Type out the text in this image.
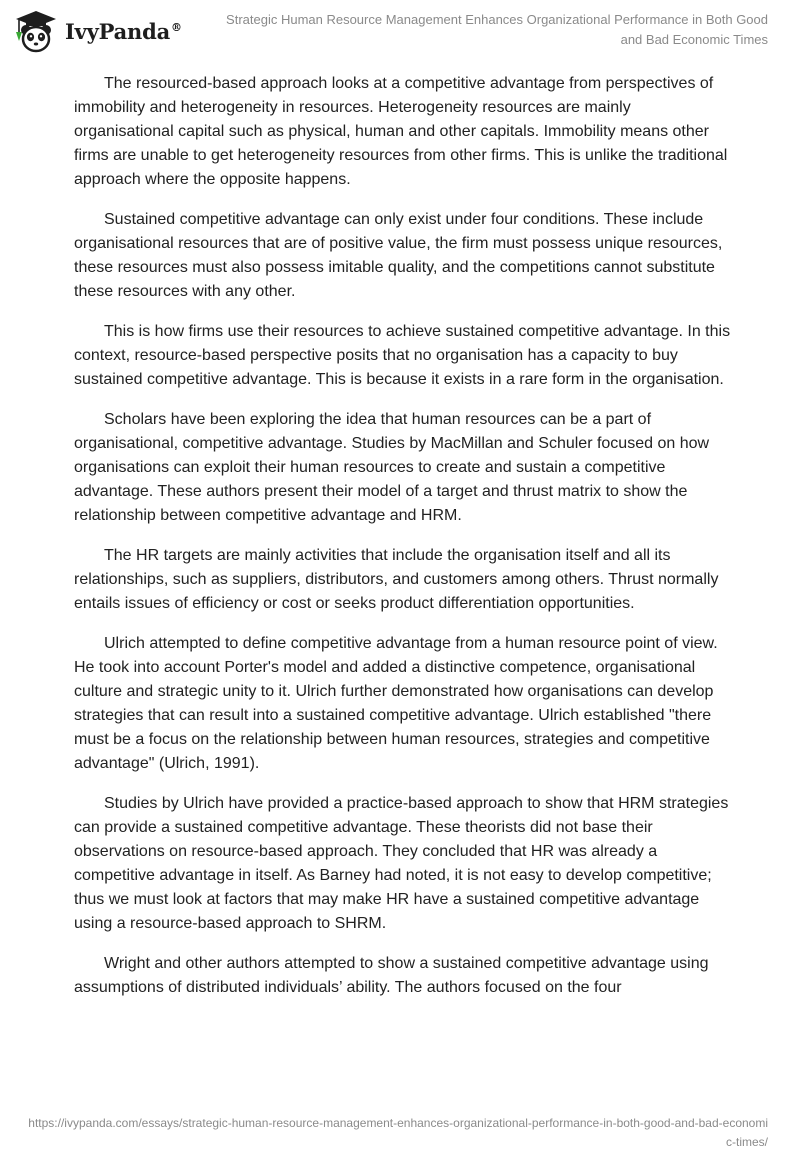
IvyPanda®	Strategic Human Resource Management Enhances Organizational Performance in Both Good and Bad Economic Times

The resourced-based approach looks at a competitive advantage from perspectives of immobility and heterogeneity in resources. Heterogeneity resources are mainly organisational capital such as physical, human and other capitals. Immobility means other firms are unable to get heterogeneity resources from other firms. This is unlike the traditional approach where the opposite happens.

Sustained competitive advantage can only exist under four conditions. These include organisational resources that are of positive value, the firm must possess unique resources, these resources must also possess imitable quality, and the competitions cannot substitute these resources with any other.

This is how firms use their resources to achieve sustained competitive advantage. In this context, resource-based perspective posits that no organisation has a capacity to buy sustained competitive advantage. This is because it exists in a rare form in the organisation.

Scholars have been exploring the idea that human resources can be a part of organisational, competitive advantage. Studies by MacMillan and Schuler focused on how organisations can exploit their human resources to create and sustain a competitive advantage. These authors present their model of a target and thrust matrix to show the relationship between competitive advantage and HRM.

The HR targets are mainly activities that include the organisation itself and all its relationships, such as suppliers, distributors, and customers among others. Thrust normally entails issues of efficiency or cost or seeks product differentiation opportunities.

Ulrich attempted to define competitive advantage from a human resource point of view. He took into account Porter's model and added a distinctive competence, organisational culture and strategic unity to it. Ulrich further demonstrated how organisations can develop strategies that can result into a sustained competitive advantage. Ulrich established "there must be a focus on the relationship between human resources, strategies and competitive advantage" (Ulrich, 1991).

Studies by Ulrich have provided a practice-based approach to show that HRM strategies can provide a sustained competitive advantage. These theorists did not base their observations on resource-based approach. They concluded that HR was already a competitive advantage in itself. As Barney had noted, it is not easy to develop competitive; thus we must look at factors that may make HR have a sustained competitive advantage using a resource-based approach to SHRM.

Wright and other authors attempted to show a sustained competitive advantage using assumptions of distributed individuals’ ability. The authors focused on the four

https://ivypanda.com/essays/strategic-human-resource-management-enhances-organizational-performance-in-both-good-and-bad-economic-times/
